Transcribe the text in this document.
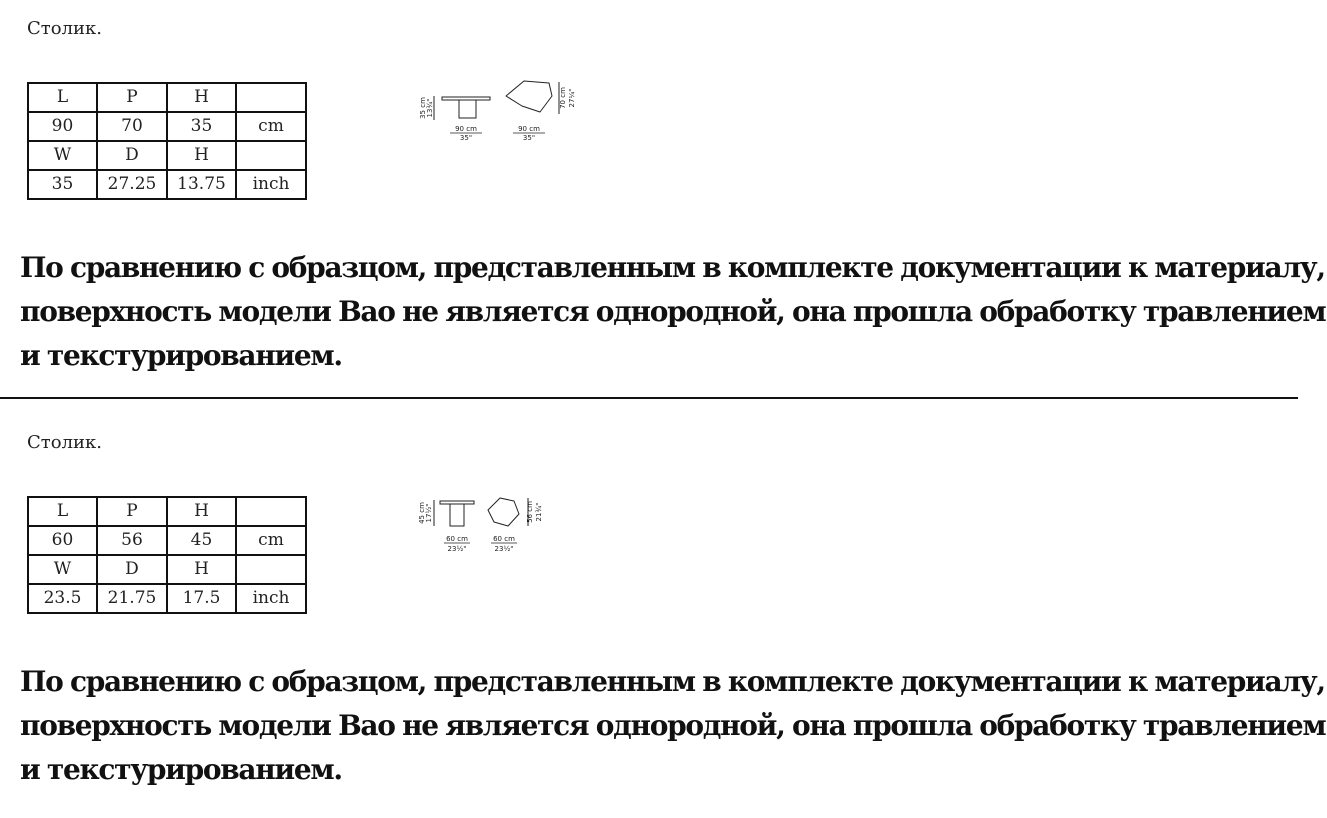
Столик.
L	P	H	
90	70	35	cm
W	D	H	
35	27.25	13.75	inch
35 cm 13¾"
90 cm
35"
70 cm 27¼"
90 cm
35"

По сравнению с образцом, представленным в комплекте документации к материалу,
поверхность модели Bao не является однородной, она прошла обработку травлением
и текстурированием.

Столик.
L	P	H	
60	56	45	cm
W	D	H	
23.5	21.75	17.5	inch
45 cm 17½"
60 cm
23½"
56 cm 21¾"
60 cm
23½"

По сравнению с образцом, представленным в комплекте документации к материалу,
поверхность модели Bao не является однородной, она прошла обработку травлением
и текстурированием.
